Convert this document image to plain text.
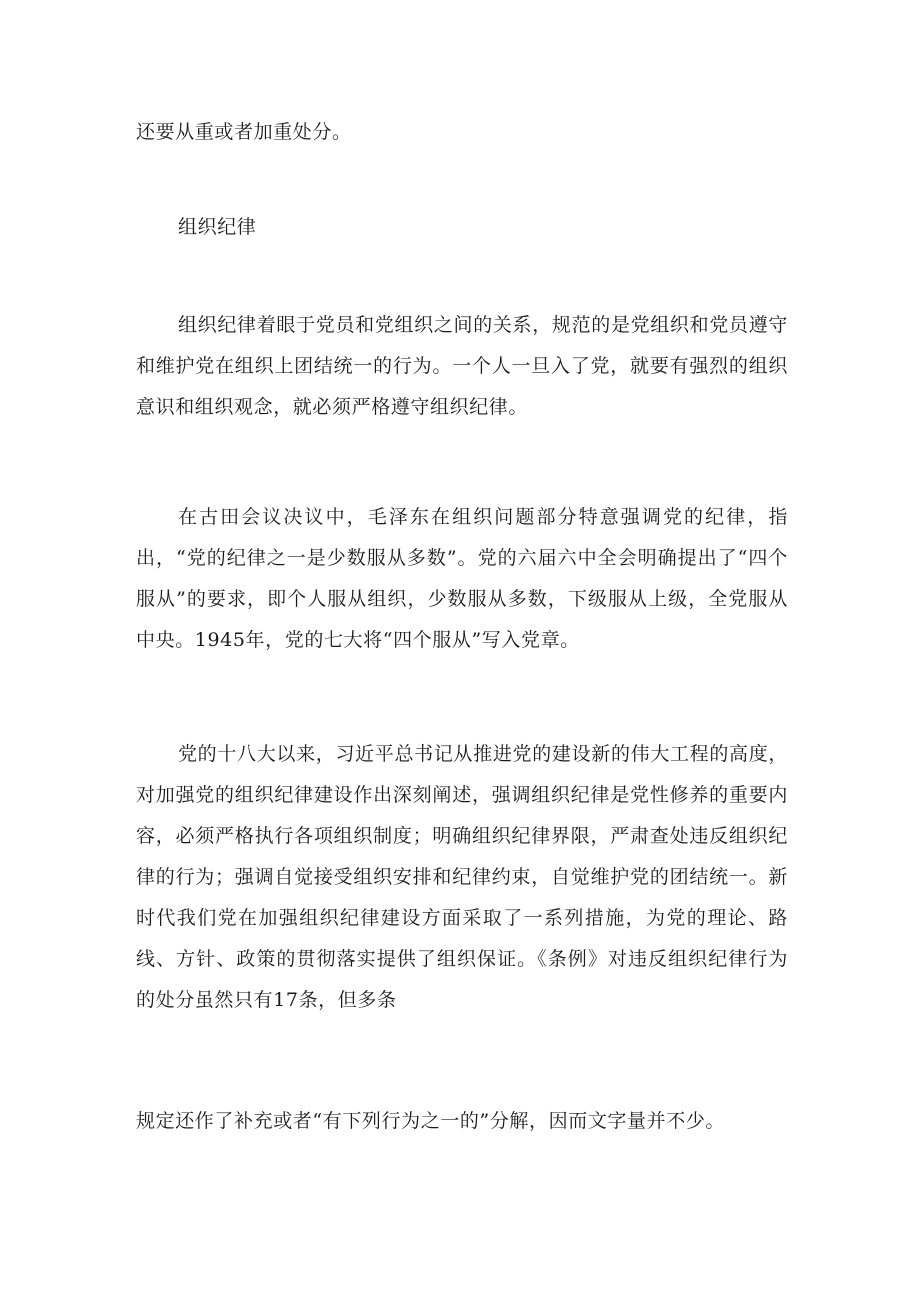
还要从重或者加重处分。

组织纪律

组织纪律着眼于党员和党组织之间的关系，规范的是党组织和党员遵守和维护党在组织上团结统一的行为。一个人一旦入了党，就要有强烈的组织意识和组织观念，就必须严格遵守组织纪律。

在古田会议决议中，毛泽东在组织问题部分特意强调党的纪律，指出，“党的纪律之一是少数服从多数”。党的六届六中全会明确提出了“四个服从”的要求，即个人服从组织，少数服从多数，下级服从上级，全党服从中央。1945年，党的七大将“四个服从”写入党章。

党的十八大以来，习近平总书记从推进党的建设新的伟大工程的高度，对加强党的组织纪律建设作出深刻阐述，强调组织纪律是党性修养的重要内容，必须严格执行各项组织制度；明确组织纪律界限，严肃查处违反组织纪律的行为；强调自觉接受组织安排和纪律约束，自觉维护党的团结统一。新时代我们党在加强组织纪律建设方面采取了一系列措施，为党的理论、路线、方针、政策的贯彻落实提供了组织保证。《条例》对违反组织纪律行为的处分虽然只有17条，但多条

规定还作了补充或者“有下列行为之一的”分解，因而文字量并不少。
